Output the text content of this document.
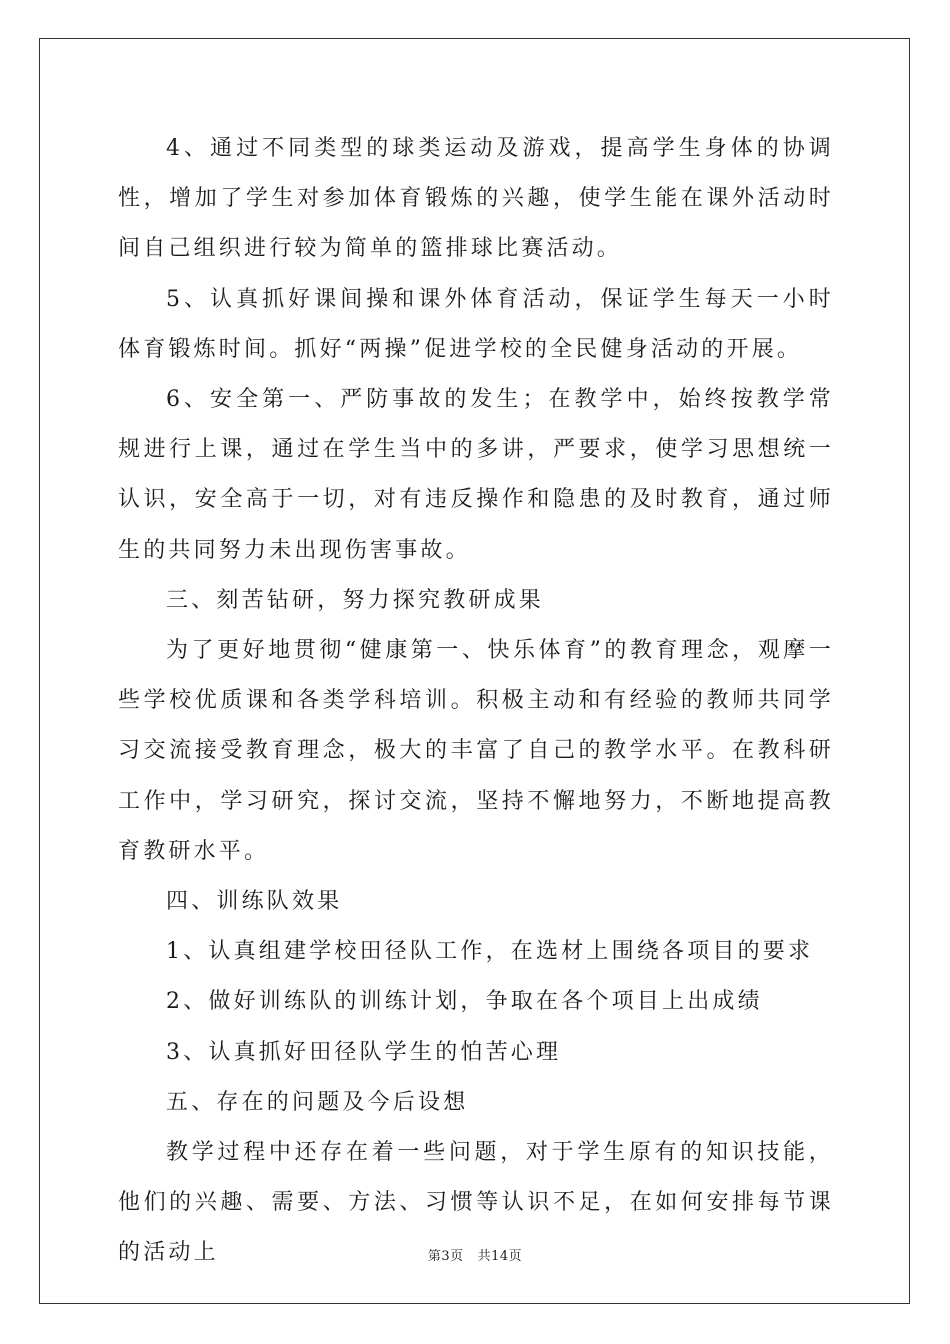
4、通过不同类型的球类运动及游戏，提高学生身体的协调性，增加了学生对参加体育锻炼的兴趣，使学生能在课外活动时间自己组织进行较为简单的篮排球比赛活动。

5、认真抓好课间操和课外体育活动，保证学生每天一小时体育锻炼时间。抓好“两操”促进学校的全民健身活动的开展。

6、安全第一、严防事故的发生；在教学中，始终按教学常规进行上课，通过在学生当中的多讲，严要求，使学习思想统一认识，安全高于一切，对有违反操作和隐患的及时教育，通过师生的共同努力未出现伤害事故。

三、刻苦钻研，努力探究教研成果

为了更好地贯彻“健康第一、快乐体育”的教育理念，观摩一些学校优质课和各类学科培训。积极主动和有经验的教师共同学习交流接受教育理念，极大的丰富了自己的教学水平。在教科研工作中，学习研究，探讨交流，坚持不懈地努力，不断地提高教育教研水平。

四、训练队效果

1、认真组建学校田径队工作，在选材上围绕各项目的要求

2、做好训练队的训练计划，争取在各个项目上出成绩

3、认真抓好田径队学生的怕苦心理

五、存在的问题及今后设想

教学过程中还存在着一些问题，对于学生原有的知识技能，他们的兴趣、需要、方法、习惯等认识不足，在如何安排每节课的活动上	第3页 共14页
